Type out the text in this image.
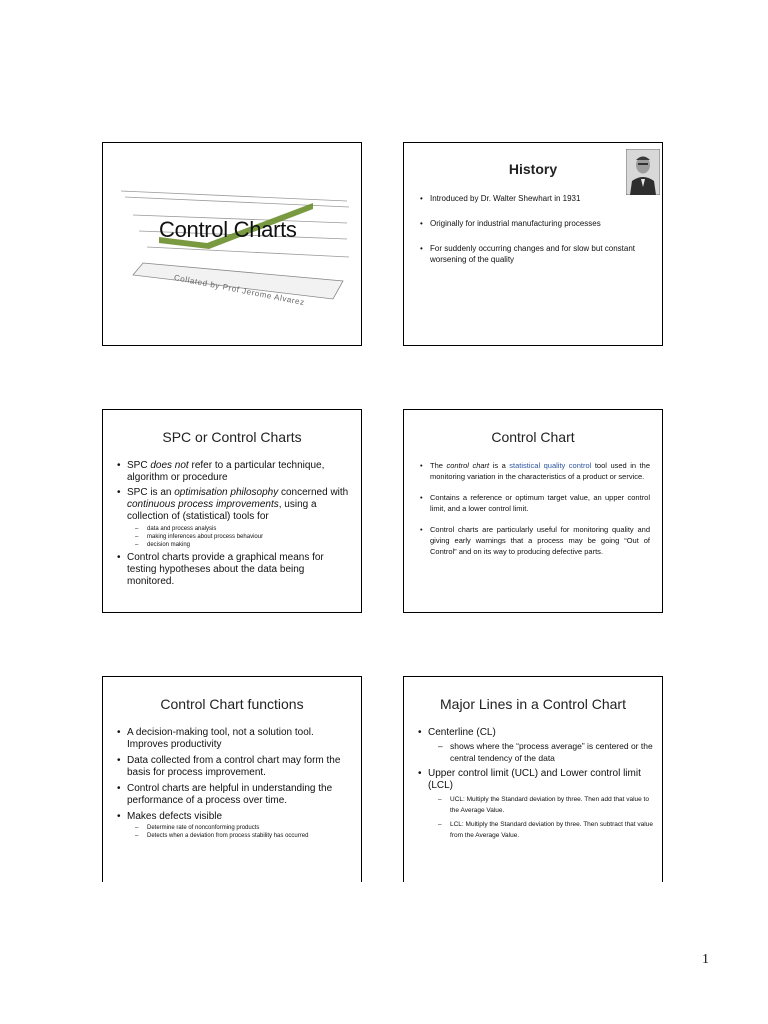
Control Charts
Collated by Prof Jerome Alvarez
History
• Introduced by Dr. Walter Shewhart in 1931
• Originally for industrial manufacturing processes
• For suddenly occurring changes and for slow but constant worsening of the quality
SPC or Control Charts
• SPC does not refer to a particular technique, algorithm or procedure
• SPC is an optimisation philosophy concerned with continuous process improvements, using a collection of (statistical) tools for
– data and process analysis
– making inferences about process behaviour
– decision making
• Control charts provide a graphical means for testing hypotheses about the data being monitored.
Control Chart
• The control chart is a statistical quality control tool used in the monitoring variation in the characteristics of a product or service.
• Contains a reference or optimum target value, an upper control limit, and a lower control limit.
• Control charts are particularly useful for monitoring quality and giving early warnings that a process may be going “Out of Control” and on its way to producing defective parts.
Control Chart functions
• A decision-making tool, not a solution tool. Improves productivity
• Data collected from a control chart may form the basis for process improvement.
• Control charts are helpful in understanding the performance of a process over time.
• Makes defects visible
– Determine rate of nonconforming products
– Detects when a deviation from process stability has occurred
Major Lines in a Control Chart
• Centerline (CL)
– shows where the “process average” is centered or the central tendency of the data
• Upper control limit (UCL) and Lower control limit (LCL)
– UCL: Multiply the Standard deviation by three. Then add that value to the Average Value.
– LCL: Multiply the Standard deviation by three. Then subtract that value from the Average Value.
1
